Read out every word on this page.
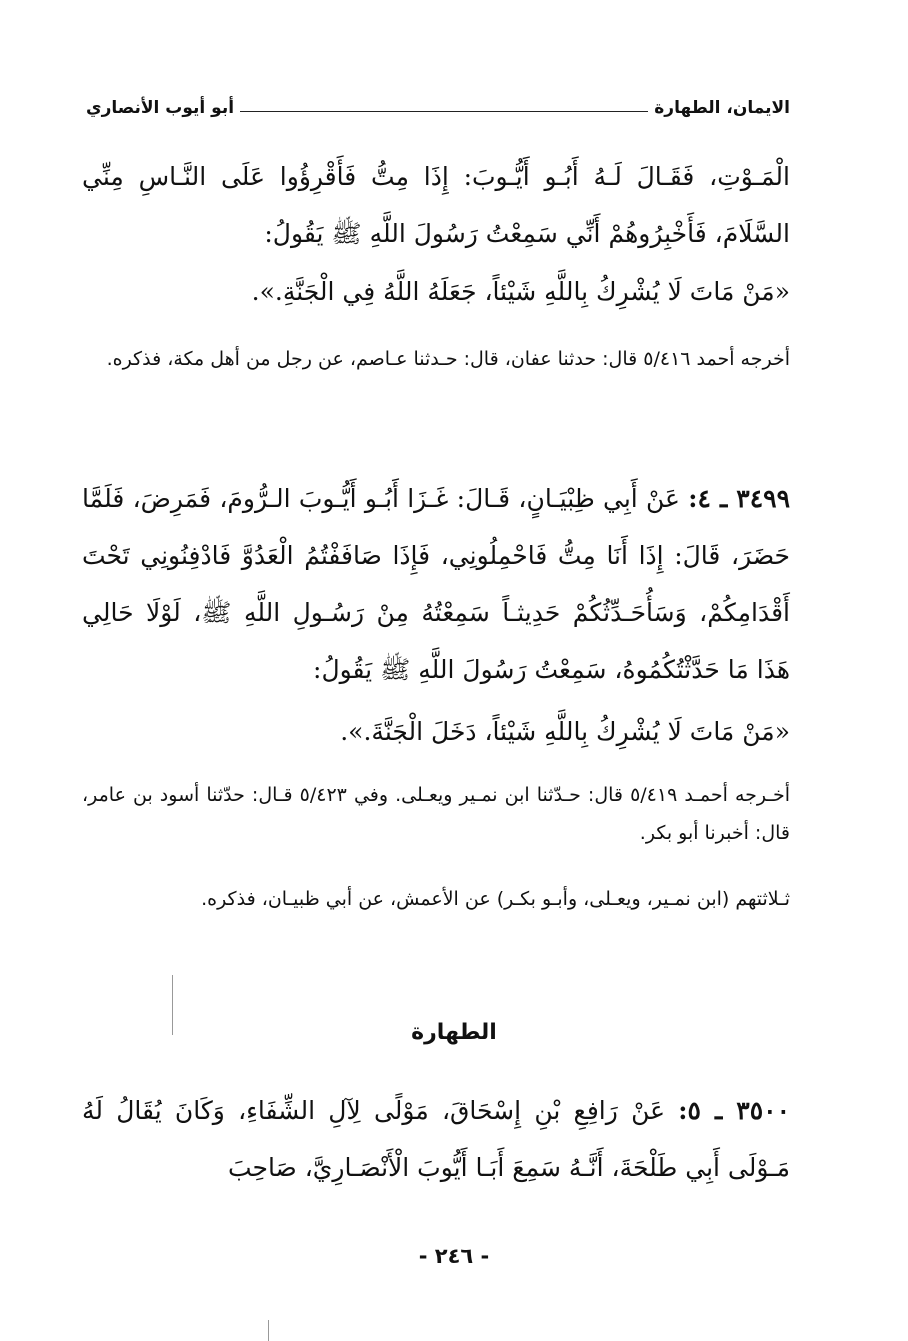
الايمان، الطهارة
أبو أيوب الأنصاري
الْمَـوْتِ، فَقَـالَ لَـهُ أَبُـو أَيُّـوبَ: إِذَا مِتُّ فَأَقْرِؤُوا عَلَى النَّـاسِ مِنِّي السَّلَامَ، فَأَخْبِرُوهُمْ أَنِّي سَمِعْتُ رَسُولَ اللَّهِ ﷺ يَقُولُ:
«مَنْ مَاتَ لَا يُشْرِكُ بِاللَّهِ شَيْئاً، جَعَلَهُ اللَّهُ فِي الْجَنَّةِ.».
أخرجه أحمد ٥/٤١٦ قال: حدثنا عفان، قال: حـدثنا عـاصم، عن رجل من أهل مكة، فذكره.
٣٤٩٩ ـ ٤: عَنْ أَبِي ظِبْيَـانٍ، قَـالَ: غَـزَا أَبُـو أَيُّـوبَ الـرُّومَ، فَمَرِضَ، فَلَمَّا حَضَرَ، قَالَ: إِذَا أَنَا مِتُّ فَاحْمِلُونِي، فَإِذَا صَافَفْتُمُ الْعَدُوَّ فَادْفِنُونِي تَحْتَ أَقْدَامِكُمْ، وَسَأُحَـدِّثُكُمْ حَدِيثـاً سَمِعْتُهُ مِنْ رَسُـولِ اللَّهِ ﷺ، لَوْلَا حَالِي هَذَا مَا حَدَّثْتُكُمُوهُ، سَمِعْتُ رَسُولَ اللَّهِ ﷺ يَقُولُ:
«مَنْ مَاتَ لَا يُشْرِكُ بِاللَّهِ شَيْئاً، دَخَلَ الْجَنَّةَ.».
أخـرجه أحمـد ٥/٤١٩ قال: حـدّثنا ابن نمـير ويعـلى. وفي ٥/٤٢٣ قـال: حدّثنا أسود بن عامر، قال: أخبرنا أبو بكر.
ثـلاثتهم (ابن نمـير، ويعـلى، وأبـو بكـر) عن الأعمش، عن أبي ظبيـان، فذكره.
الطهارة
٣٥٠٠ ـ ٥: عَنْ رَافِعِ بْنِ إِسْحَاقَ، مَوْلًى لِآلِ الشِّفَاءِ، وَكَانَ يُقَالُ لَهُ مَـوْلَى أَبِي طَلْحَةَ، أَنَّـهُ سَمِعَ أَبَـا أَيُّوبَ الْأَنْصَـارِيَّ، صَاحِبَ
- ٢٤٦ -
